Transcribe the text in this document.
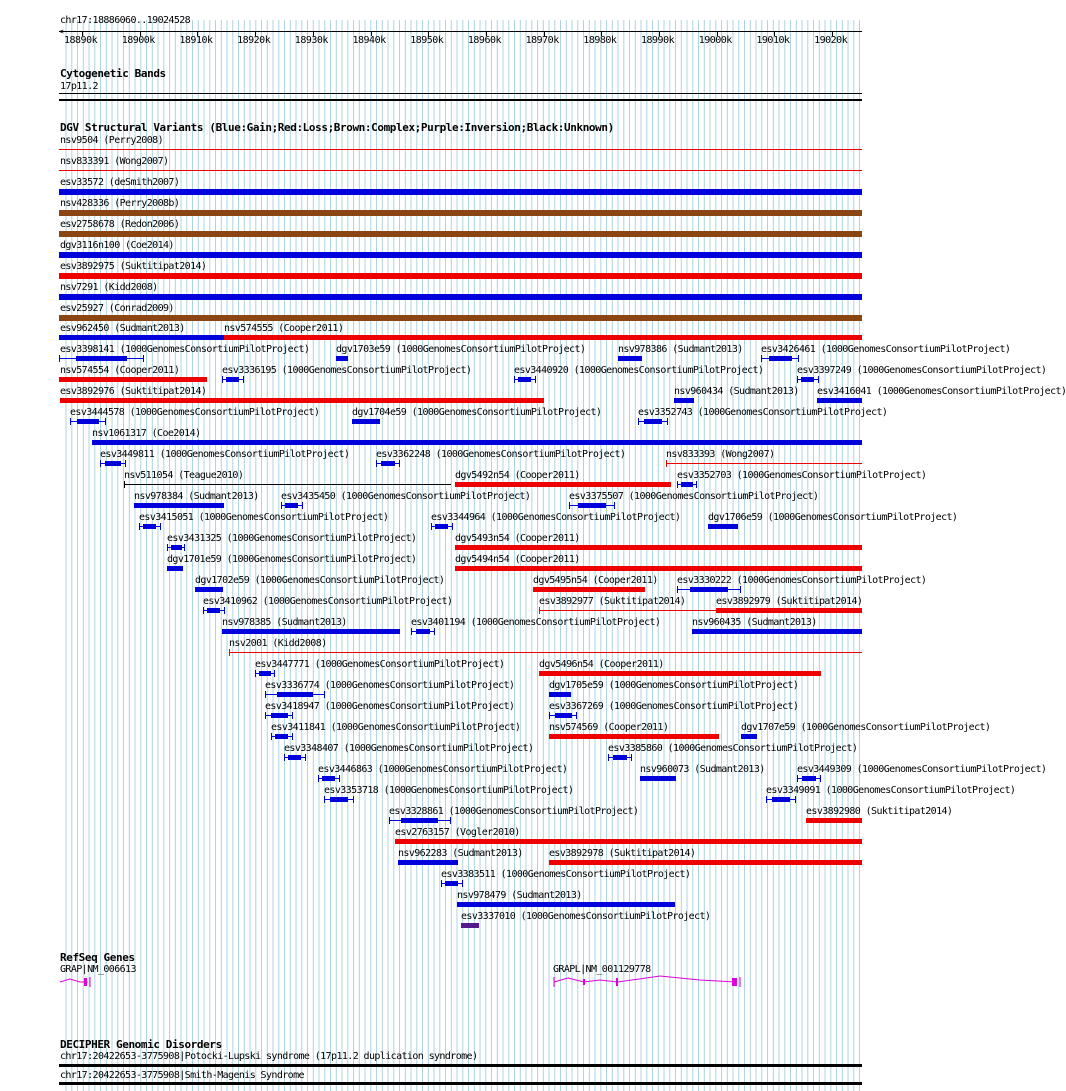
chr17:18886060..19024528
<
18890k 18900k 18910k 18920k 18930k 18940k 18950k 18960k 18970k 18980k 18990k 19000k 19010k 19020k
Cytogenetic Bands
17p11.2
DGV Structural Variants (Blue:Gain;Red:Loss;Brown:Complex;Purple:Inversion;Black:Unknown)
nsv9504 (Perry2008)
nsv833391 (Wong2007)
esv33572 (deSmith2007)
nsv428336 (Perry2008b)
esv2758678 (Redon2006)
dgv3116n100 (Coe2014)
esv3892975 (Suktitipat2014)
nsv7291 (Kidd2008)
esv25927 (Conrad2009)
esv962450 (Sudmant2013)	nsv574555 (Cooper2011)
esv3398141 (1000GenomesConsortiumPilotProject)	dgv1703e59 (1000GenomesConsortiumPilotProject)	nsv978386 (Sudmant2013) esv3426461 (1000GenomesConsortiumPilotProject)
nsv574554 (Cooper2011)	esv3336195 (1000GenomesConsortiumPilotProject)	esv3440920 (1000GenomesConsortiumPilotProject)	esv3397249 (1000GenomesConsortiumPilotProject)
esv3892976 (Suktitipat2014)	nsv960434 (Sudmant2013) esv3416041 (1000GenomesConsortiumPilotProject)
esv3444578 (1000GenomesConsortiumPilotProject)	dgv1704e59 (1000GenomesConsortiumPilotProject)	esv3352743 (1000GenomesConsortiumPilotProject)
nsv1061317 (Coe2014)
esv3449811 (1000GenomesConsortiumPilotProject)	esv3362248 (1000GenomesConsortiumPilotProject)	nsv833393 (Wong2007)
nsv511054 (Teague2010)	dgv5492n54 (Cooper2011)	esv3352703 (1000GenomesConsortiumPilotProject)
nsv978384 (Sudmant2013) esv3435450 (1000GenomesConsortiumPilotProject)	esv3375507 (1000GenomesConsortiumPilotProject)
esv3415051 (1000GenomesConsortiumPilotProject)	esv3344964 (1000GenomesConsortiumPilotProject)	dgv1706e59 (1000GenomesConsortiumPilotProject)
esv3431325 (1000GenomesConsortiumPilotProject)	dgv5493n54 (Cooper2011)
dgv1701e59 (1000GenomesConsortiumPilotProject)	dgv5494n54 (Cooper2011)
dgv1702e59 (1000GenomesConsortiumPilotProject)	dgv5495n54 (Cooper2011) esv3330222 (1000GenomesConsortiumPilotProject)
esv3410962 (1000GenomesConsortiumPilotProject)	esv3892977 (Suktitipat2014)	esv3892979 (Suktitipat2014)
nsv978385 (Sudmant2013)	esv3401194 (1000GenomesConsortiumPilotProject)	nsv960435 (Sudmant2013)
nsv2001 (Kidd2008)
esv3447771 (1000GenomesConsortiumPilotProject)	dgv5496n54 (Cooper2011)
esv3336774 (1000GenomesConsortiumPilotProject)	dgv1705e59 (1000GenomesConsortiumPilotProject)
esv3418947 (1000GenomesConsortiumPilotProject)	esv3367269 (1000GenomesConsortiumPilotProject)
esv3411841 (1000GenomesConsortiumPilotProject)	nsv574569 (Cooper2011)	dgv1707e59 (1000GenomesConsortiumPilotProject)
esv3348407 (1000GenomesConsortiumPilotProject)	esv3385860 (1000GenomesConsortiumPilotProject)
esv3446863 (1000GenomesConsortiumPilotProject)	nsv960073 (Sudmant2013)	esv3449309 (1000GenomesConsortiumPilotProject)
esv3353718 (1000GenomesConsortiumPilotProject)	esv3349091 (1000GenomesConsortiumPilotProject)
esv3328861 (1000GenomesConsortiumPilotProject)	esv3892980 (Suktitipat2014)
esv2763157 (Vogler2010)
nsv962283 (Sudmant2013)	esv3892978 (Suktitipat2014)
esv3383511 (1000GenomesConsortiumPilotProject)
nsv978479 (Sudmant2013)
esv3337010 (1000GenomesConsortiumPilotProject)
RefSeq Genes
GRAP|NM_006613	GRAPL|NM_001129778
DECIPHER Genomic Disorders
chr17:20422653-3775908|Potocki-Lupski syndrome (17p11.2 duplication syndrome)
chr17:20422653-3775908|Smith-Magenis Syndrome
